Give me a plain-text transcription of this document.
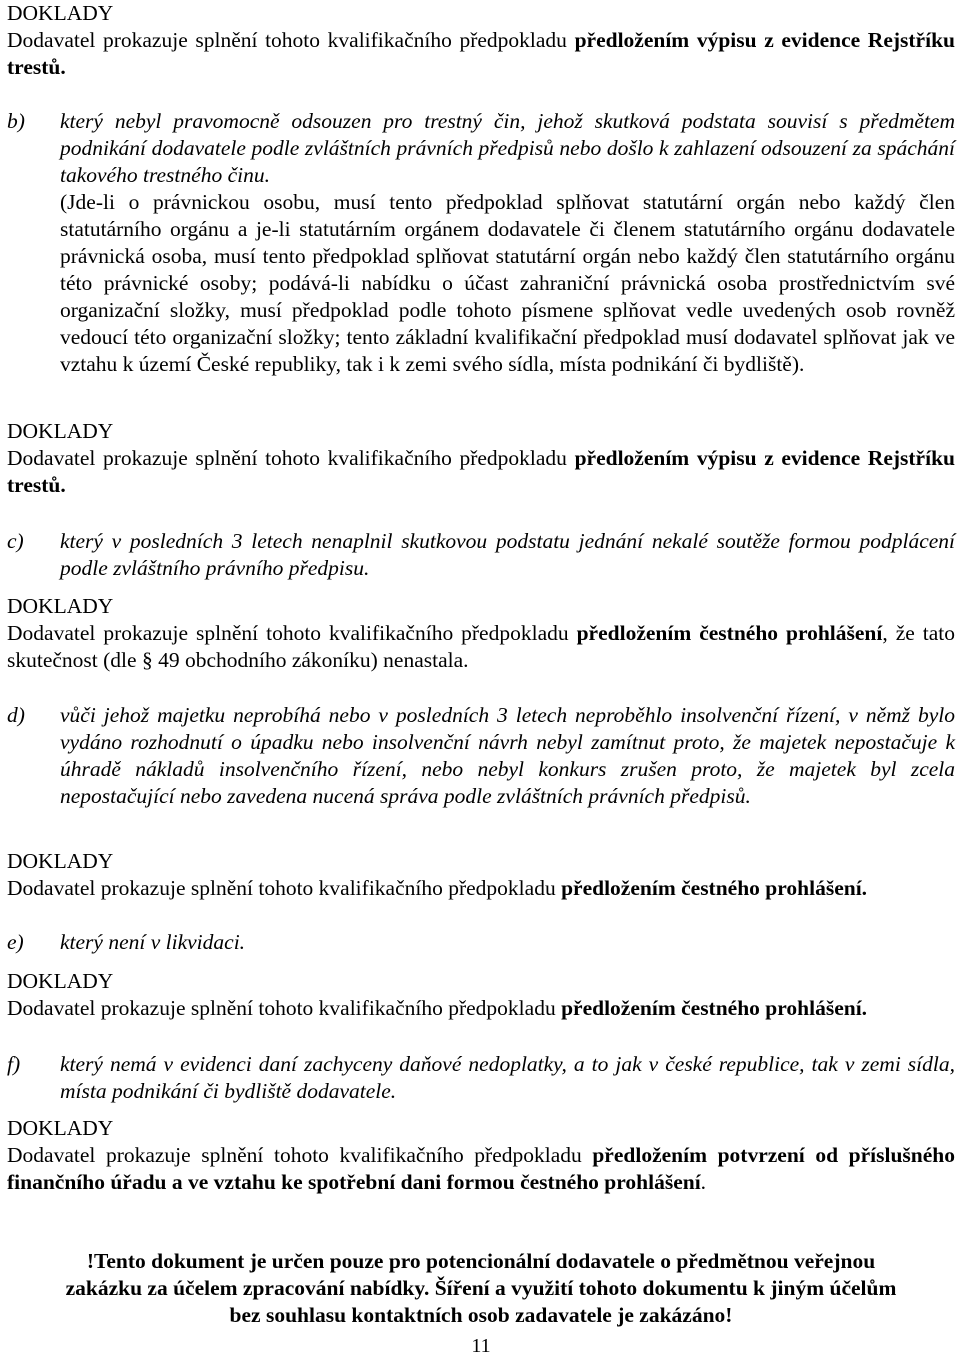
DOKLADY
Dodavatel prokazuje splnění tohoto kvalifikačního předpokladu předložením výpisu z evidence Rejstříku trestů.
b)	který nebyl pravomocně odsouzen pro trestný čin, jehož skutková podstata souvisí s předmětem podnikání dodavatele podle zvláštních právních předpisů nebo došlo k zahlazení odsouzení za spáchání takového trestného činu.
(Jde-li o právnickou osobu, musí tento předpoklad splňovat statutární orgán nebo každý člen statutárního orgánu a je-li statutárním orgánem dodavatele či členem statutárního orgánu dodavatele právnická osoba, musí tento předpoklad splňovat statutární orgán nebo každý člen statutárního orgánu této právnické osoby; podává-li nabídku o účast zahraniční právnická osoba prostřednictvím své organizační složky, musí předpoklad podle tohoto písmene splňovat vedle uvedených osob rovněž vedoucí této organizační složky; tento základní kvalifikační předpoklad musí dodavatel splňovat jak ve vztahu k území České republiky, tak i k zemi svého sídla, místa podnikání či bydliště).
DOKLADY
Dodavatel prokazuje splnění tohoto kvalifikačního předpokladu předložením výpisu z evidence Rejstříku trestů.
c)	který v posledních 3 letech nenaplnil skutkovou podstatu jednání nekalé soutěže formou podplácení podle zvláštního právního předpisu.
DOKLADY
Dodavatel prokazuje splnění tohoto kvalifikačního předpokladu předložením čestného prohlášení, že tato skutečnost (dle § 49 obchodního zákoníku) nenastala.
d)	vůči jehož majetku neprobíhá nebo v posledních 3 letech neproběhlo insolvenční řízení, v němž bylo vydáno rozhodnutí o úpadku nebo insolvenční návrh nebyl zamítnut proto, že majetek nepostačuje k úhradě nákladů insolvenčního řízení, nebo nebyl konkurs zrušen proto, že majetek byl zcela nepostačující nebo zavedena nucená správa podle zvláštních právních předpisů.
DOKLADY
Dodavatel prokazuje splnění tohoto kvalifikačního předpokladu předložením čestného prohlášení.
e)	který není v likvidaci.
DOKLADY
Dodavatel prokazuje splnění tohoto kvalifikačního předpokladu předložením čestného prohlášení.
f)	který nemá v evidenci daní zachyceny daňové nedoplatky, a to jak v české republice, tak v zemi sídla, místa podnikání či bydliště dodavatele.
DOKLADY
Dodavatel prokazuje splnění tohoto kvalifikačního předpokladu předložením potvrzení od příslušného finančního úřadu a ve vztahu ke spotřební dani formou čestného prohlášení.
!Tento dokument je určen pouze pro potencionální dodavatele o předmětnou veřejnou
zakázku za účelem zpracování nabídky. Šíření a využití tohoto dokumentu k jiným účelům
bez souhlasu kontaktních osob zadavatele je zakázáno!
11
